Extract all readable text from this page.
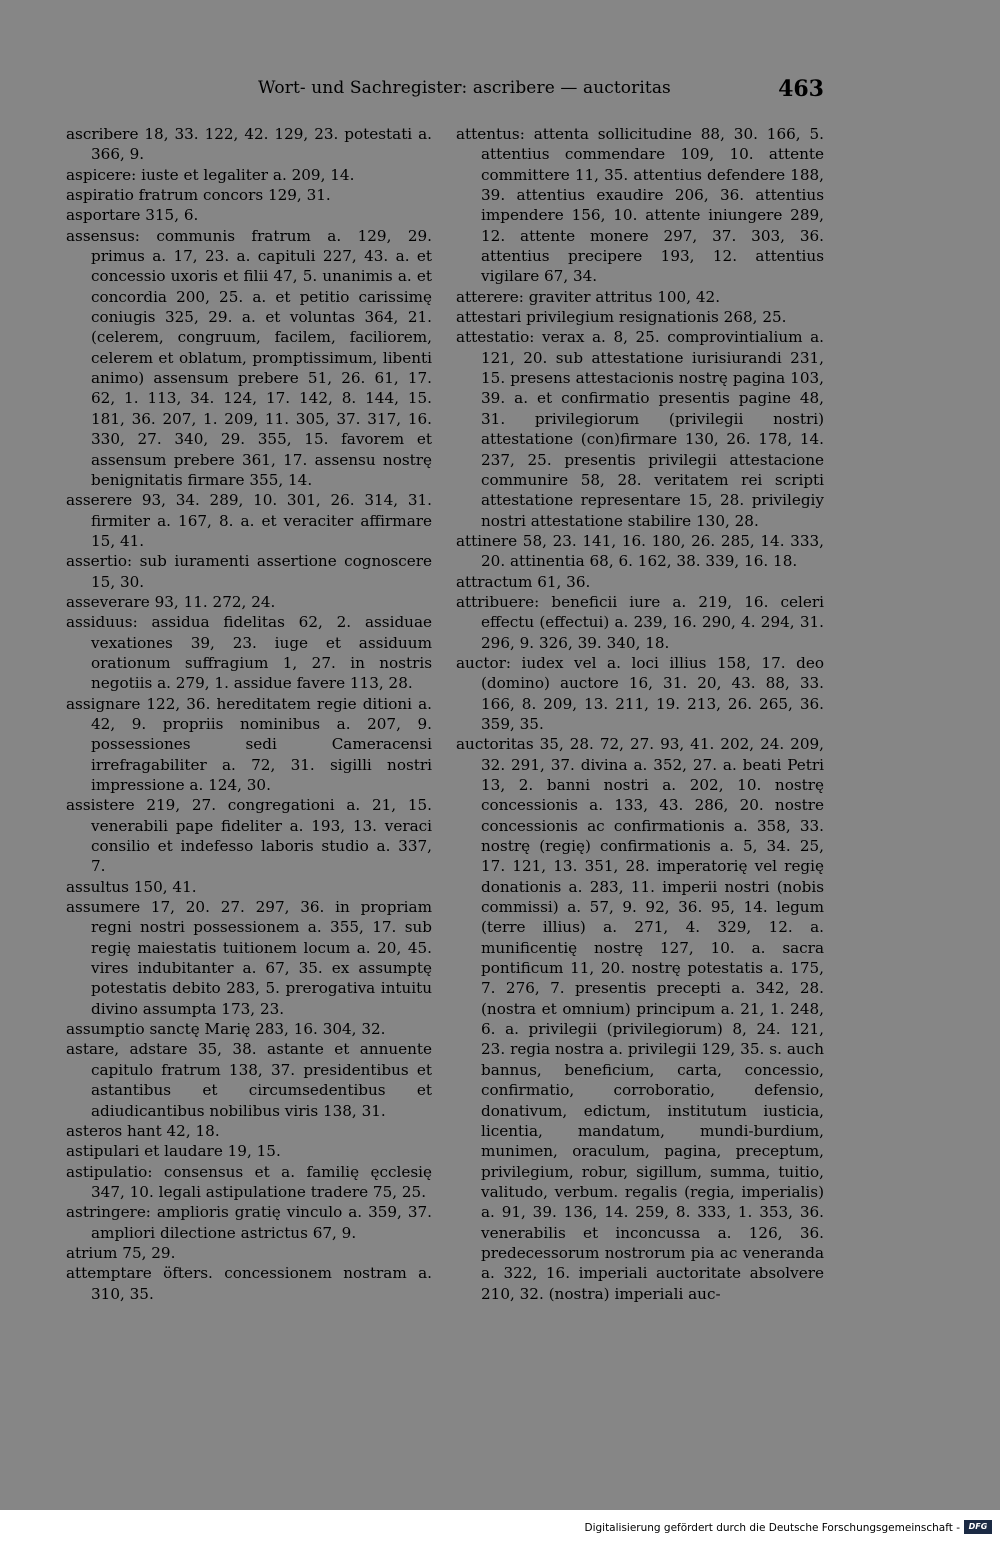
Wort- und Sachregister: ascribere — auctoritas	463
ascribere 18, 33. 122, 42. 129, 23. potestati a. 366, 9.
aspicere: iuste et legaliter a. 209, 14.
aspiratio fratrum concors 129, 31.
asportare 315, 6.
assensus: communis fratrum a. 129, 29. primus a. 17, 23. a. capituli 227, 43. a. et concessio uxoris et filii 47, 5. unanimis a. et concordia 200, 25. a. et petitio carissimę coniugis 325, 29. a. et voluntas 364, 21. (celerem, congruum, facilem, faciliorem, celerem et oblatum, promptissimum, libenti animo) assensum prebere 51, 26. 61, 17. 62, 1. 113, 34. 124, 17. 142, 8. 144, 15. 181, 36. 207, 1. 209, 11. 305, 37. 317, 16. 330, 27. 340, 29. 355, 15. favorem et assensum prebere 361, 17. assensu nostrę benignitatis firmare 355, 14.
asserere 93, 34. 289, 10. 301, 26. 314, 31. firmiter a. 167, 8. a. et veraciter affirmare 15, 41.
assertio: sub iuramenti assertione cognoscere 15, 30.
asseverare 93, 11. 272, 24.
assiduus: assidua fidelitas 62, 2. assiduae vexationes 39, 23. iuge et assiduum orationum suffragium 1, 27. in nostris negotiis a. 279, 1. assidue favere 113, 28.
assignare 122, 36. hereditatem regie ditioni a. 42, 9. propriis nominibus a. 207, 9. possessiones sedi Cameracensi irrefragabiliter a. 72, 31. sigilli nostri impressione a. 124, 30.
assistere 219, 27. congregationi a. 21, 15. venerabili pape fideliter a. 193, 13. veraci consilio et indefesso laboris studio a. 337, 7.
assultus 150, 41.
assumere 17, 20. 27. 297, 36. in propriam regni nostri possessionem a. 355, 17. sub regię maiestatis tuitionem locum a. 20, 45. vires indubitanter a. 67, 35. ex assumptę potestatis debito 283, 5. prerogativa intuitu divino assumpta 173, 23.
assumptio sanctę Marię 283, 16. 304, 32.
astare, adstare 35, 38. astante et annuente capitulo fratrum 138, 37. presidentibus et astantibus et circumsedentibus et adiudicantibus nobilibus viris 138, 31.
asteros hant 42, 18.
astipulari et laudare 19, 15.
astipulatio: consensus et a. familię ęcclesię 347, 10. legali astipulatione tradere 75, 25.
astringere: amplioris gratię vinculo a. 359, 37. ampliori dilectione astrictus 67, 9.
atrium 75, 29.
attemptare öfters. concessionem nostram a. 310, 35.
attentus: attenta sollicitudine 88, 30. 166, 5. attentius commendare 109, 10. attente committere 11, 35. attentius defendere 188, 39. attentius exaudire 206, 36. attentius impendere 156, 10. attente iniungere 289, 12. attente monere 297, 37. 303, 36. attentius precipere 193, 12. attentius vigilare 67, 34.
atterere: graviter attritus 100, 42.
attestari privilegium resignationis 268, 25.
attestatio: verax a. 8, 25. comprovintialium a. 121, 20. sub attestatione iurisiurandi 231, 15. presens attestacionis nostrę pagina 103, 39. a. et confirmatio presentis pagine 48, 31. privilegiorum (privilegii nostri) attestatione (con)firmare 130, 26. 178, 14. 237, 25. presentis privilegii attestacione communire 58, 28. veritatem rei scripti attestatione representare 15, 28. privilegiy nostri attestatione stabilire 130, 28.
attinere 58, 23. 141, 16. 180, 26. 285, 14. 333, 20. attinentia 68, 6. 162, 38. 339, 16. 18.
attractum 61, 36.
attribuere: beneficii iure a. 219, 16. celeri effectu (effectui) a. 239, 16. 290, 4. 294, 31. 296, 9. 326, 39. 340, 18.
auctor: iudex vel a. loci illius 158, 17. deo (domino) auctore 16, 31. 20, 43. 88, 33. 166, 8. 209, 13. 211, 19. 213, 26. 265, 36. 359, 35.
auctoritas 35, 28. 72, 27. 93, 41. 202, 24. 209, 32. 291, 37. divina a. 352, 27. a. beati Petri 13, 2. banni nostri a. 202, 10. nostrę concessionis a. 133, 43. 286, 20. nostre concessionis ac confirmationis a. 358, 33. nostrę (regię) confirmationis a. 5, 34. 25, 17. 121, 13. 351, 28. imperatorię vel regię donationis a. 283, 11. imperii nostri (nobis commissi) a. 57, 9. 92, 36. 95, 14. legum (terre illius) a. 271, 4. 329, 12. a. munificentię nostrę 127, 10. a. sacra pontificum 11, 20. nostrę potestatis a. 175, 7. 276, 7. presentis precepti a. 342, 28. (nostra et omnium) principum a. 21, 1. 248, 6. a. privilegii (privilegiorum) 8, 24. 121, 23. regia nostra a. privilegii 129, 35. s. auch bannus, beneficium, carta, concessio, confirmatio, corroboratio, defensio, donativum, edictum, institutum iusticia, licentia, mandatum, mundi-burdium, munimen, oraculum, pagina, preceptum, privilegium, robur, sigillum, summa, tuitio, valitudo, verbum. regalis (regia, imperialis) a. 91, 39. 136, 14. 259, 8. 333, 1. 353, 36. venerabilis et inconcussa a. 126, 36. predecessorum nostrorum pia ac veneranda a. 322, 16. imperiali auctoritate absolvere 210, 32. (nostra) imperiali auc-
Digitalisierung gefördert durch die Deutsche Forschungsgemeinschaft -	DFG
